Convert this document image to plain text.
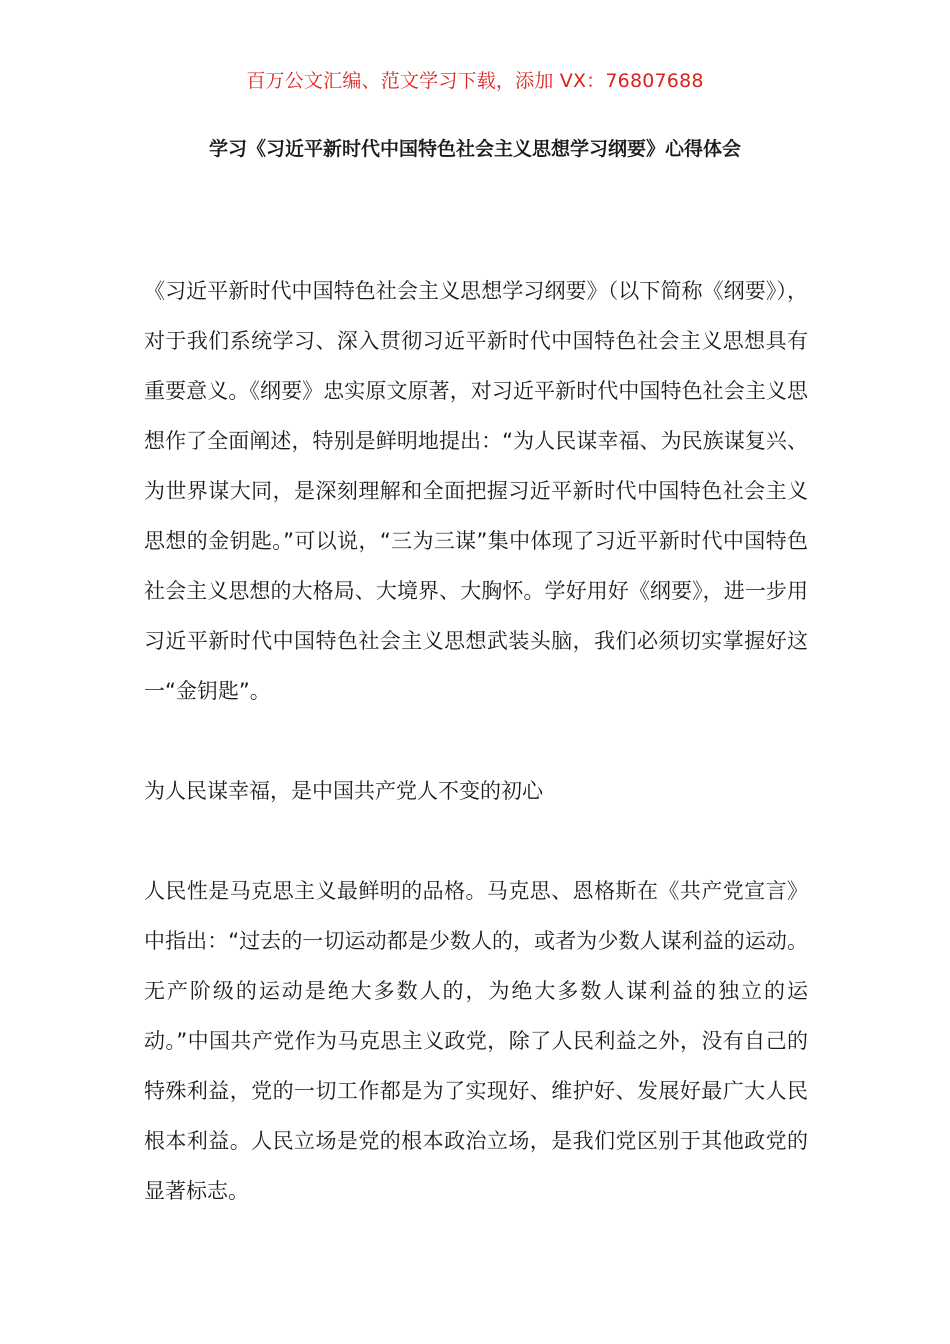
百万公文汇编、范文学习下载，添加 VX：76807688
学习《习近平新时代中国特色社会主义思想学习纲要》心得体会

《习近平新时代中国特色社会主义思想学习纲要》（以下简称《纲要》），对于我们系统学习、深入贯彻习近平新时代中国特色社会主义思想具有重要意义。《纲要》忠实原文原著，对习近平新时代中国特色社会主义思想作了全面阐述，特别是鲜明地提出：“为人民谋幸福、为民族谋复兴、为世界谋大同，是深刻理解和全面把握习近平新时代中国特色社会主义思想的金钥匙。”可以说，“三为三谋”集中体现了习近平新时代中国特色社会主义思想的大格局、大境界、大胸怀。学好用好《纲要》，进一步用习近平新时代中国特色社会主义思想武装头脑，我们必须切实掌握好这一“金钥匙”。

为人民谋幸福，是中国共产党人不变的初心

人民性是马克思主义最鲜明的品格。马克思、恩格斯在《共产党宣言》中指出：“过去的一切运动都是少数人的，或者为少数人谋利益的运动。无产阶级的运动是绝大多数人的，为绝大多数人谋利益的独立的运动。”中国共产党作为马克思主义政党，除了人民利益之外，没有自己的特殊利益，党的一切工作都是为了实现好、维护好、发展好最广大人民根本利益。人民立场是党的根本政治立场，是我们党区别于其他政党的显著标志。
